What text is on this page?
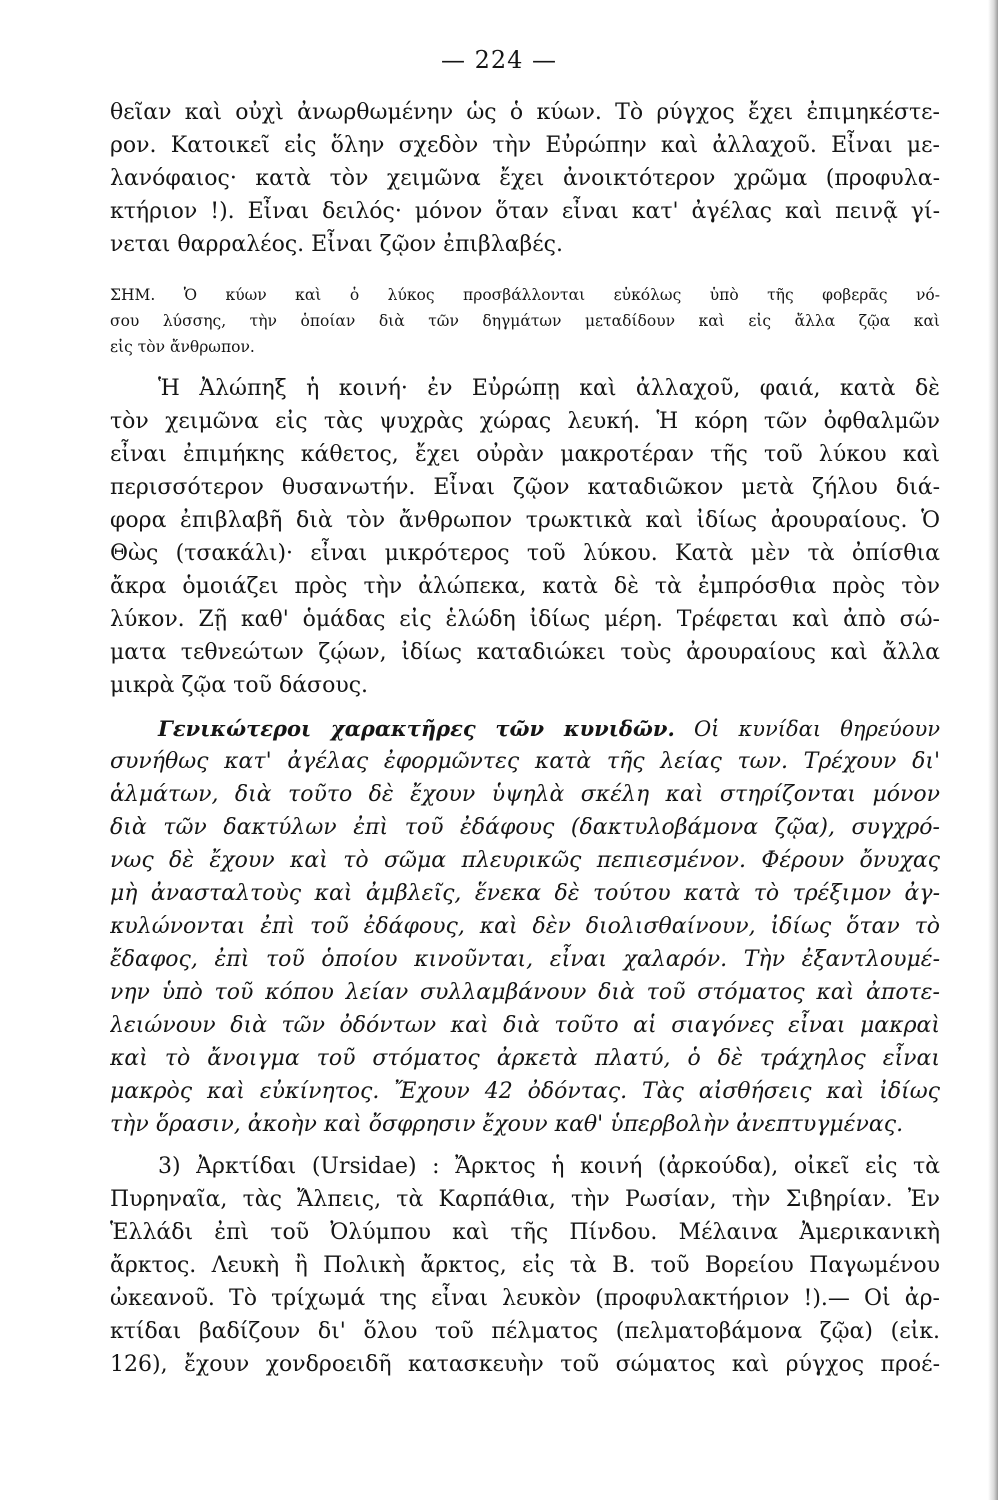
— 224 —
θεῖαν καὶ οὐχὶ ἀνωρθωμένην ὡς ὁ κύων. Τὸ ρύγχος ἔχει ἐπιμηκέστε-
ρον. Κατοικεῖ εἰς ὅλην σχεδὸν τὴν Εὐρώπην καὶ ἀλλαχοῦ. Εἶναι με-
λανόφαιος· κατὰ τὸν χειμῶνα ἔχει ἀνοικτότερον χρῶμα (προφυλα-
κτήριον !). Εἶναι δειλός· μόνον ὅταν εἶναι κατ' ἀγέλας καὶ πεινᾷ γί-
νεται θαρραλέος. Εἶναι ζῷον ἐπιβλαβές.
ΣΗΜ. Ὁ κύων καὶ ὁ λύκος προσβάλλονται εὐκόλως ὑπὸ τῆς φοβερᾶς νό-
σου λύσσης, τὴν ὁποίαν διὰ τῶν δηγμάτων μεταδίδουν καὶ εἰς ἄλλα ζῷα καὶ
εἰς τὸν ἄνθρωπον.
Ἡ Ἀλώπηξ ἡ κοινή· ἐν Εὐρώπῃ καὶ ἀλλαχοῦ, φαιά, κατὰ δὲ
τὸν χειμῶνα εἰς τὰς ψυχρὰς χώρας λευκή. Ἡ κόρη τῶν ὀφθαλμῶν
εἶναι ἐπιμήκης κάθετος, ἔχει οὐρὰν μακροτέραν τῆς τοῦ λύκου καὶ
περισσότερον θυσανωτήν. Εἶναι ζῷον καταδιῶκον μετὰ ζήλου διά-
φορα ἐπιβλαβῆ διὰ τὸν ἄνθρωπον τρωκτικὰ καὶ ἰδίως ἀρουραίους. Ὁ
Θὼς (τσακάλι)· εἶναι μικρότερος τοῦ λύκου. Κατὰ μὲν τὰ ὀπίσθια
ἄκρα ὁμοιάζει πρὸς τὴν ἀλώπεκα, κατὰ δὲ τὰ ἐμπρόσθια πρὸς τὸν
λύκον. Ζῇ καθ' ὁμάδας εἰς ἑλώδη ἰδίως μέρη. Τρέφεται καὶ ἀπὸ σώ-
ματα τεθνεώτων ζῴων, ἰδίως καταδιώκει τοὺς ἀρουραίους καὶ ἄλλα
μικρὰ ζῷα τοῦ δάσους.
Γενικώτεροι χαρακτῆρες τῶν κυνιδῶν. Οἱ κυνίδαι θηρεύουν
συνήθως κατ' ἀγέλας ἐφορμῶντες κατὰ τῆς λείας των. Τρέχουν δι'
ἁλμάτων, διὰ τοῦτο δὲ ἔχουν ὑψηλὰ σκέλη καὶ στηρίζονται μόνον
διὰ τῶν δακτύλων ἐπὶ τοῦ ἐδάφους (δακτυλοβάμονα ζῷα), συγχρό-
νως δὲ ἔχουν καὶ τὸ σῶμα πλευρικῶς πεπιεσμένον. Φέρουν ὄνυχας
μὴ ἀνασταλτοὺς καὶ ἀμβλεῖς, ἕνεκα δὲ τούτου κατὰ τὸ τρέξιμον ἀγ-
κυλώνονται ἐπὶ τοῦ ἐδάφους, καὶ δὲν διολισθαίνουν, ἰδίως ὅταν τὸ
ἔδαφος, ἐπὶ τοῦ ὁποίου κινοῦνται, εἶναι χαλαρόν. Τὴν ἐξαντλουμέ-
νην ὑπὸ τοῦ κόπου λείαν συλλαμβάνουν διὰ τοῦ στόματος καὶ ἀποτε-
λειώνουν διὰ τῶν ὀδόντων καὶ διὰ τοῦτο αἱ σιαγόνες εἶναι μακραὶ
καὶ τὸ ἄνοιγμα τοῦ στόματος ἀρκετὰ πλατύ, ὁ δὲ τράχηλος εἶναι
μακρὸς καὶ εὐκίνητος. Ἔχουν 42 ὀδόντας. Τὰς αἰσθήσεις καὶ ἰδίως
τὴν ὅρασιν, ἀκοὴν καὶ ὄσφρησιν ἔχουν καθ' ὑπερβολὴν ἀνεπτυγμένας.
3) Ἀρκτίδαι (Ursidae) : Ἄρκτος ἡ κοινή (ἀρκούδα), οἰκεῖ εἰς τὰ
Πυρηναῖα, τὰς Ἄλπεις, τὰ Καρπάθια, τὴν Ρωσίαν, τὴν Σιβηρίαν. Ἐν
Ἑλλάδι ἐπὶ τοῦ Ὀλύμπου καὶ τῆς Πίνδου. Μέλαινα Ἀμερικανικὴ
ἄρκτος. Λευκὴ ἢ Πολικὴ ἄρκτος, εἰς τὰ Β. τοῦ Βορείου Παγωμένου
ὠκεανοῦ. Τὸ τρίχωμά της εἶναι λευκὸν (προφυλακτήριον !).— Οἱ ἀρ-
κτίδαι βαδίζουν δι' ὅλου τοῦ πέλματος (πελματοβάμονα ζῷα) (εἰκ.
126), ἔχουν χονδροειδῆ κατασκευὴν τοῦ σώματος καὶ ρύγχος προέ-
